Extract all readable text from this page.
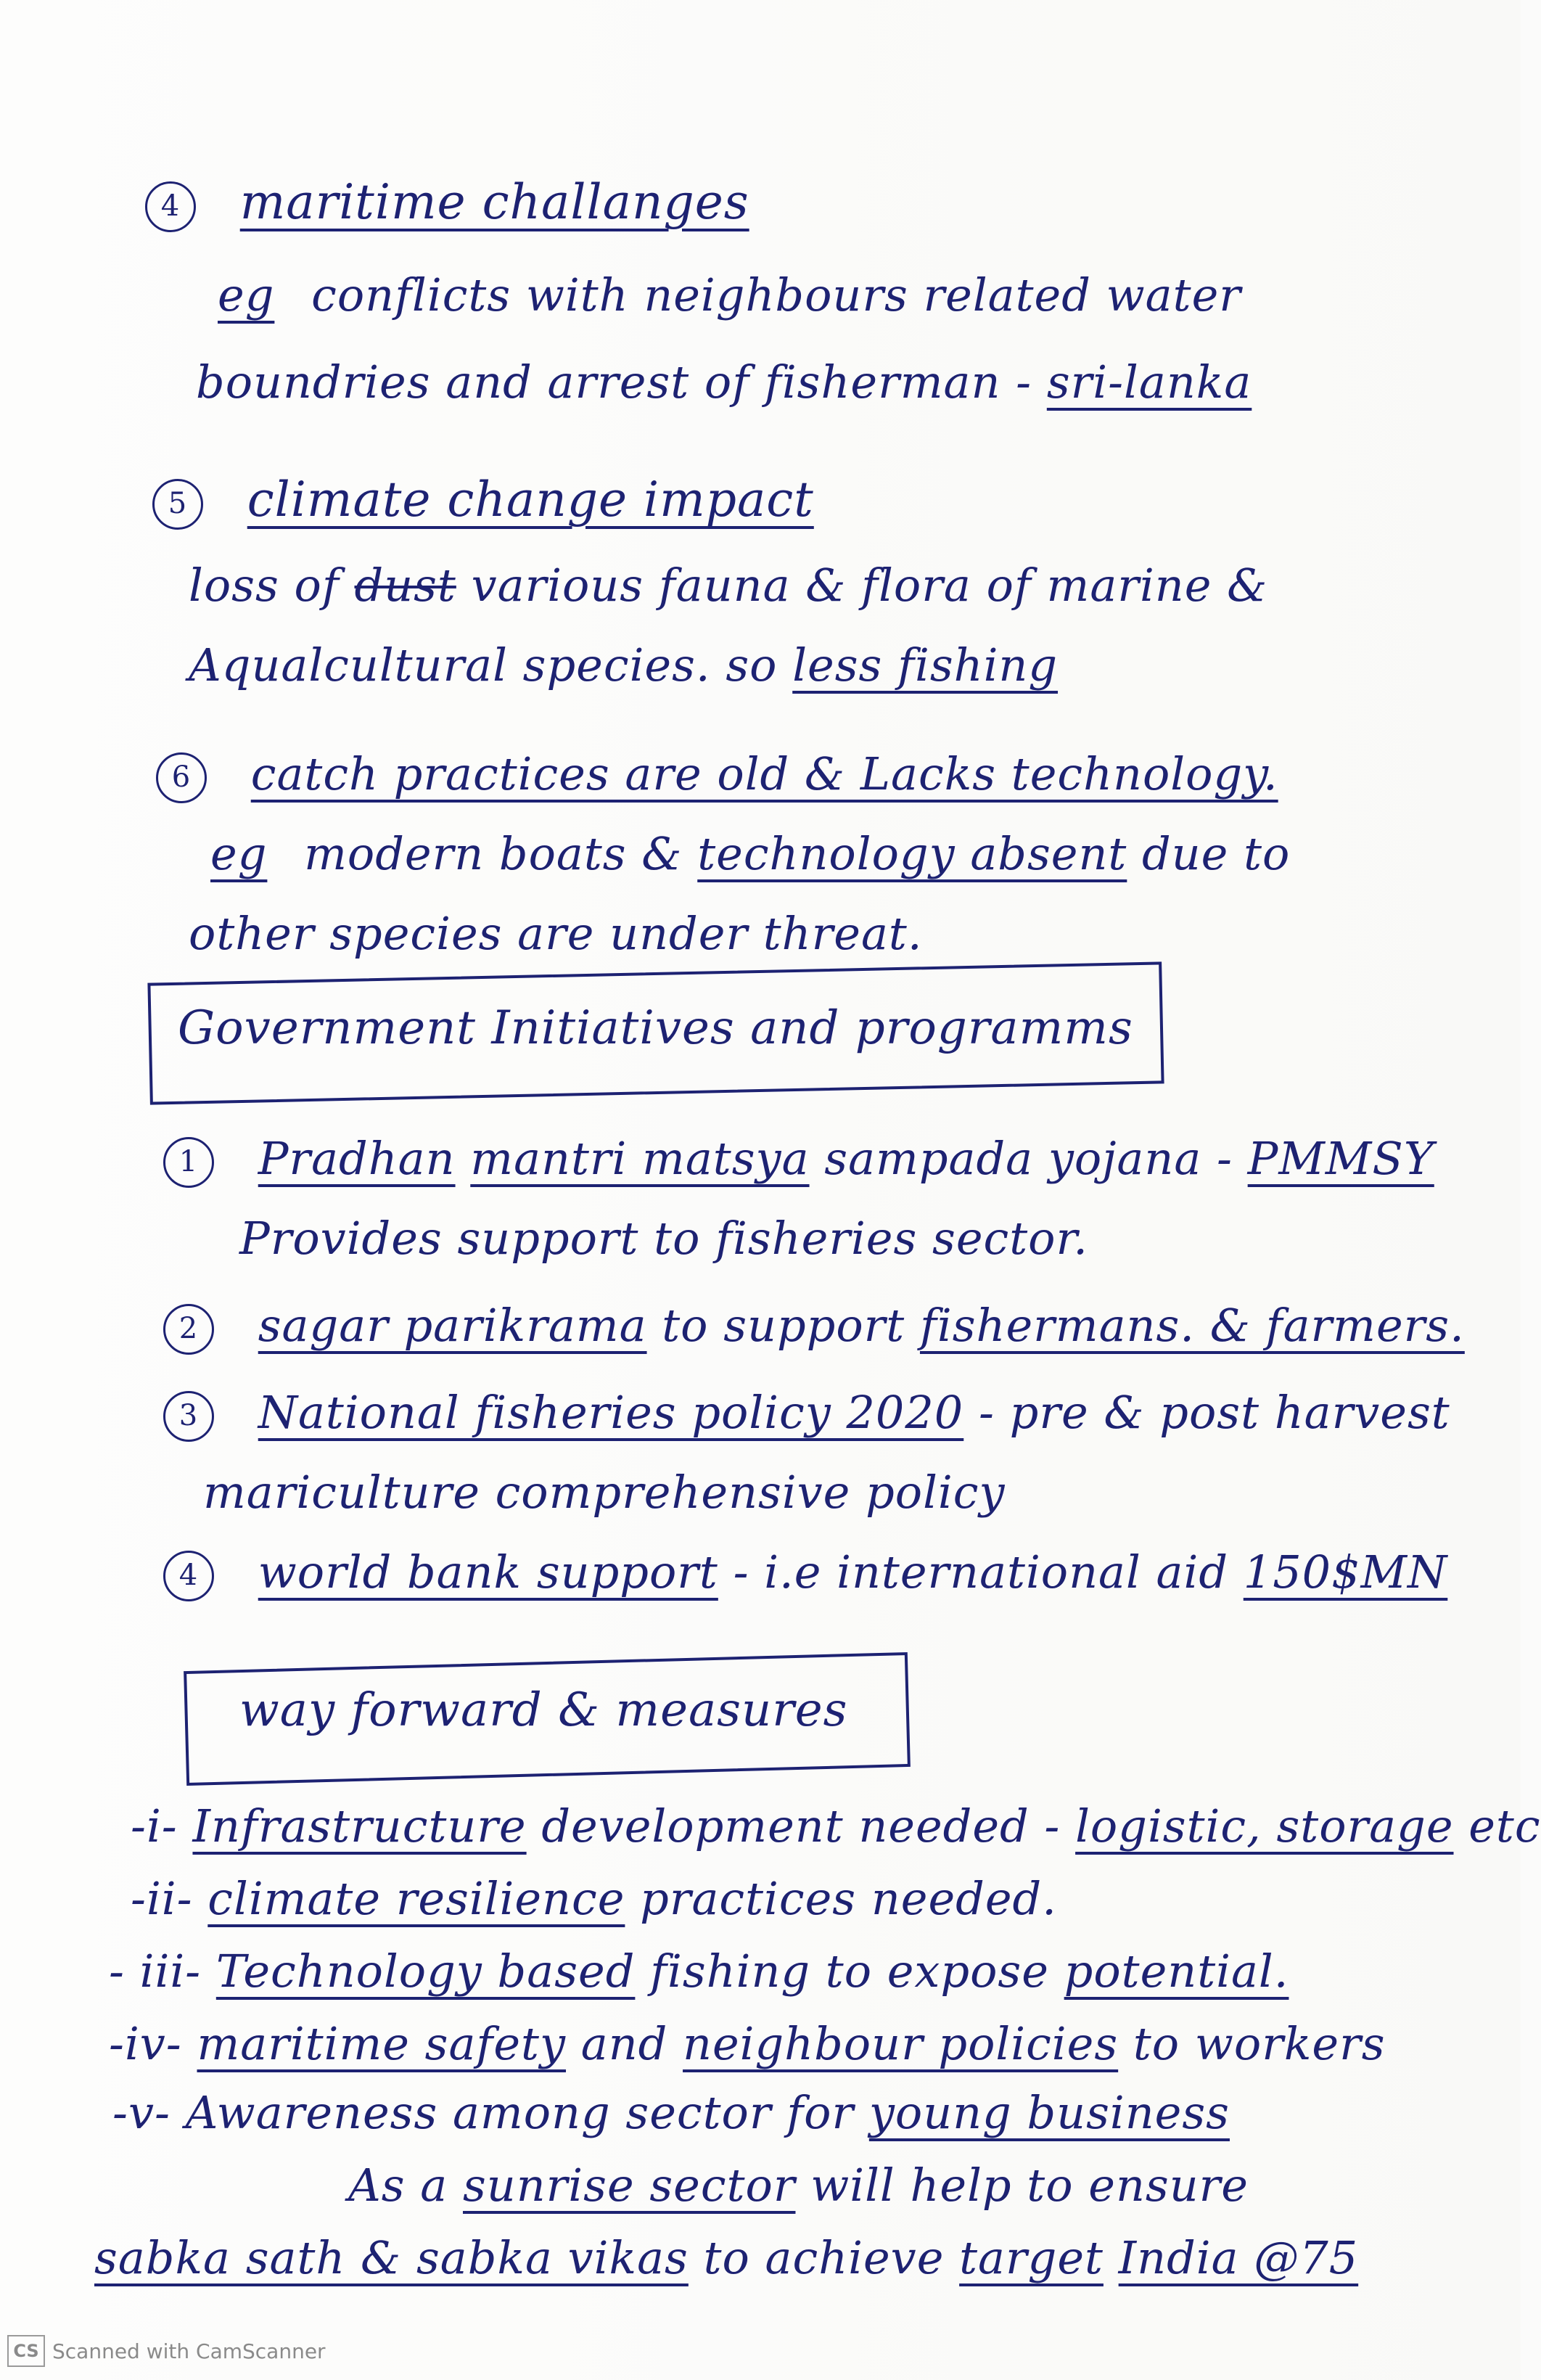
4 maritime challanges
eg conflicts with neighbours related water
boundries and arrest of fisherman - sri-lanka
5 climate change impact
loss of dust various fauna & flora of marine &
Aqualcultural species. so less fishing
6 catch practices are old & Lacks technology.
eg modern boats & technology absent due to
other species are under threat.
Government Initiatives and programms
1 Pradhan mantri matsya sampada yojana - PMMSY
Provides support to fisheries sector.
2 sagar parikrama to support fishermans. & farmers.
3 National fisheries policy 2020 - pre & post harvest
mariculture comprehensive policy
4 world bank support - i.e international aid 150$MN
way forward & measures
-i- Infrastructure development needed - logistic, storage etc
-ii- climate resilience practices needed.
- iii- Technology based fishing to expose potential.
-iv- maritime safety and neighbour policies to workers
-v- Awareness among sector for young business
As a sunrise sector will help to ensure
sabka sath & sabka vikas to achieve target India @75
CS Scanned with CamScanner
